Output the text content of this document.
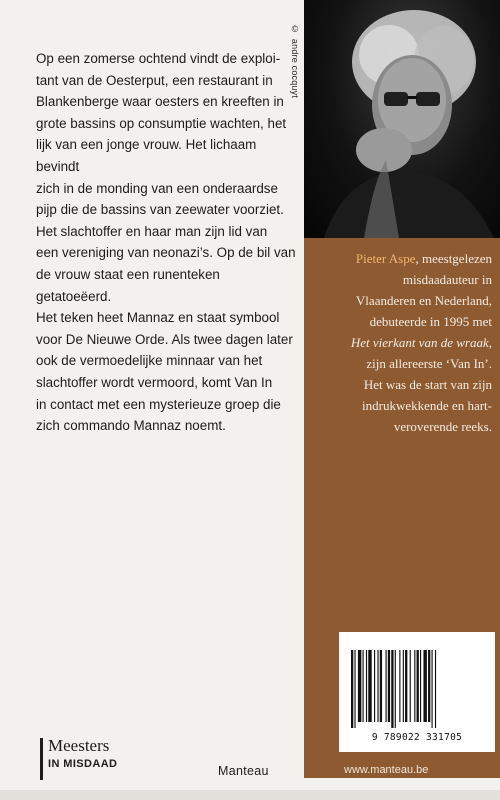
Op een zomerse ochtend vindt de exploi-
tant van de Oesterput, een restaurant in
Blankenberge waar oesters en kreeften in
grote bassins op consumptie wachten, het
lijk van een jonge vrouw. Het lichaam bevindt
zich in de monding van een onderaardse
pijp die de bassins van zeewater voorziet.
Het slachtoffer en haar man zijn lid van
een vereniging van neonazi’s. Op de bil van
de vrouw staat een runenteken getatoeëerd.
Het teken heet Mannaz en staat symbool
voor De Nieuwe Orde. Als twee dagen later
ook de vermoedelijke minnaar van het
slachtoffer wordt vermoord, komt Van In
in contact met een mysterieuze groep die
zich commando Mannaz noemt.
© andre cocquyt
Pieter Aspe, meestgelezen
misdaadauteur in
Vlaanderen en Nederland,
debuteerde in 1995 met
Het vierkant van de wraak,
zijn allereerste ‘Van In’.
Het was de start van zijn
indrukwekkende en hart-
veroverende reeks.
9 789022 331705
www.manteau.be
Meesters
IN MISDAAD	Manteau
